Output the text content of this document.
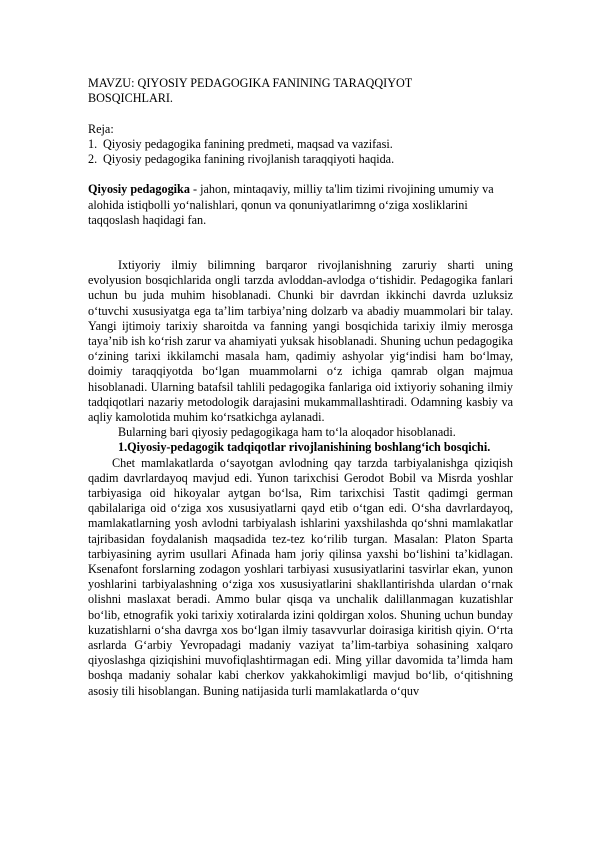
MAVZU: QIYOSIY PEDAGOGIKA FANINING TARAQQIYOT
BOSQICHLARI.

Reja:

1. Qiyosiy pedagogika fanining predmeti, maqsad va vazifasi.
2. Qiyosiy pedagogika fanining rivojlanish taraqqiyoti haqida.

Qiyosiy pedagogika - jahon, mintaqaviy, milliy ta'lim tizimi rivojining umumiy va alohida istiqbolli yo‘nalishlari, qonun va qonuniyatlarimng o‘ziga xosliklarini taqqoslash haqidagi fan.

Ixtiyoriy ilmiy bilimning barqaror rivojlanishning zaruriy sharti uning evolyusion bosqichlarida ongli tarzda avloddan-avlodga o‘tishidir. Pedagogika fanlari uchun bu juda muhim hisoblanadi. Chunki bir davrdan ikkinchi davrda uzluksiz o‘tuvchi xususiyatga ega ta’lim tarbiya’ning dolzarb va abadiy muammolari bir talay. Yangi ijtimoiy tarixiy sharoitda va fanning yangi bosqichida tarixiy ilmiy merosga taya’nib ish ko‘rish zarur va ahamiyati yuksak hisoblanadi. Shuning uchun pedagogika o‘zining tarixi ikkilamchi masala ham, qadimiy ashyolar yig‘indisi ham bo‘lmay, doimiy taraqqiyotda bo‘lgan muammolarni o‘z ichiga qamrab olgan majmua hisoblanadi. Ularning batafsil tahlili pedagogika fanlariga oid ixtiyoriy sohaning ilmiy tadqiqotlari nazariy metodologik darajasini mukammallashtiradi. Odamning kasbiy va aqliy kamolotida muhim ko‘rsatkichga aylanadi.

Bularning bari qiyosiy pedagogikaga ham to‘la aloqador hisoblanadi.

1.Qiyosiy-pedagogik tadqiqotlar rivojlanishining boshlang‘ich bosqichi.

Chet mamlakatlarda o‘sayotgan avlodning qay tarzda tarbiyalanishga qiziqish qadim davrlardayoq mavjud edi. Yunon tarixchisi Gerodot Bobil va Misrda yoshlar tarbiyasiga oid hikoyalar aytgan bo‘lsa, Rim tarixchisi Tastit qadimgi german qabilalariga oid o‘ziga xos xususiyatlarni qayd etib o‘tgan edi. O‘sha davrlardayoq, mamlakatlarning yosh avlodni tarbiyalash ishlarini yaxshilashda qo‘shni mamlakatlar tajribasidan foydalanish maqsadida tez-tez ko‘rilib turgan. Masalan: Platon Sparta tarbiyasining ayrim usullari Afinada ham joriy qilinsa yaxshi bo‘lishini ta’kidlagan. Ksenafont forslarning zodagon yoshlari tarbiyasi xususiyatlarini tasvirlar ekan, yunon yoshlarini tarbiyalashning o‘ziga xos xususiyatlarini shakllantirishda ulardan o‘rnak olishni maslaxat beradi. Ammo bular qisqa va unchalik dalillanmagan kuzatishlar bo‘lib, etnografik yoki tarixiy xotiralarda izini qoldirgan xolos. Shuning uchun bunday kuzatishlarni o‘sha davrga xos bo‘lgan ilmiy tasavvurlar doirasiga kiritish qiyin. O‘rta asrlarda G‘arbiy Yevropadagi madaniy vaziyat ta’lim-tarbiya sohasining xalqaro qiyoslashga qiziqishini muvofiqlashtirmagan edi. Ming yillar davomida ta’limda ham boshqa madaniy sohalar kabi cherkov yakkahokimligi mavjud bo‘lib, o‘qitishning asosiy tili hisoblangan. Buning natijasida turli mamlakatlarda o‘quv
